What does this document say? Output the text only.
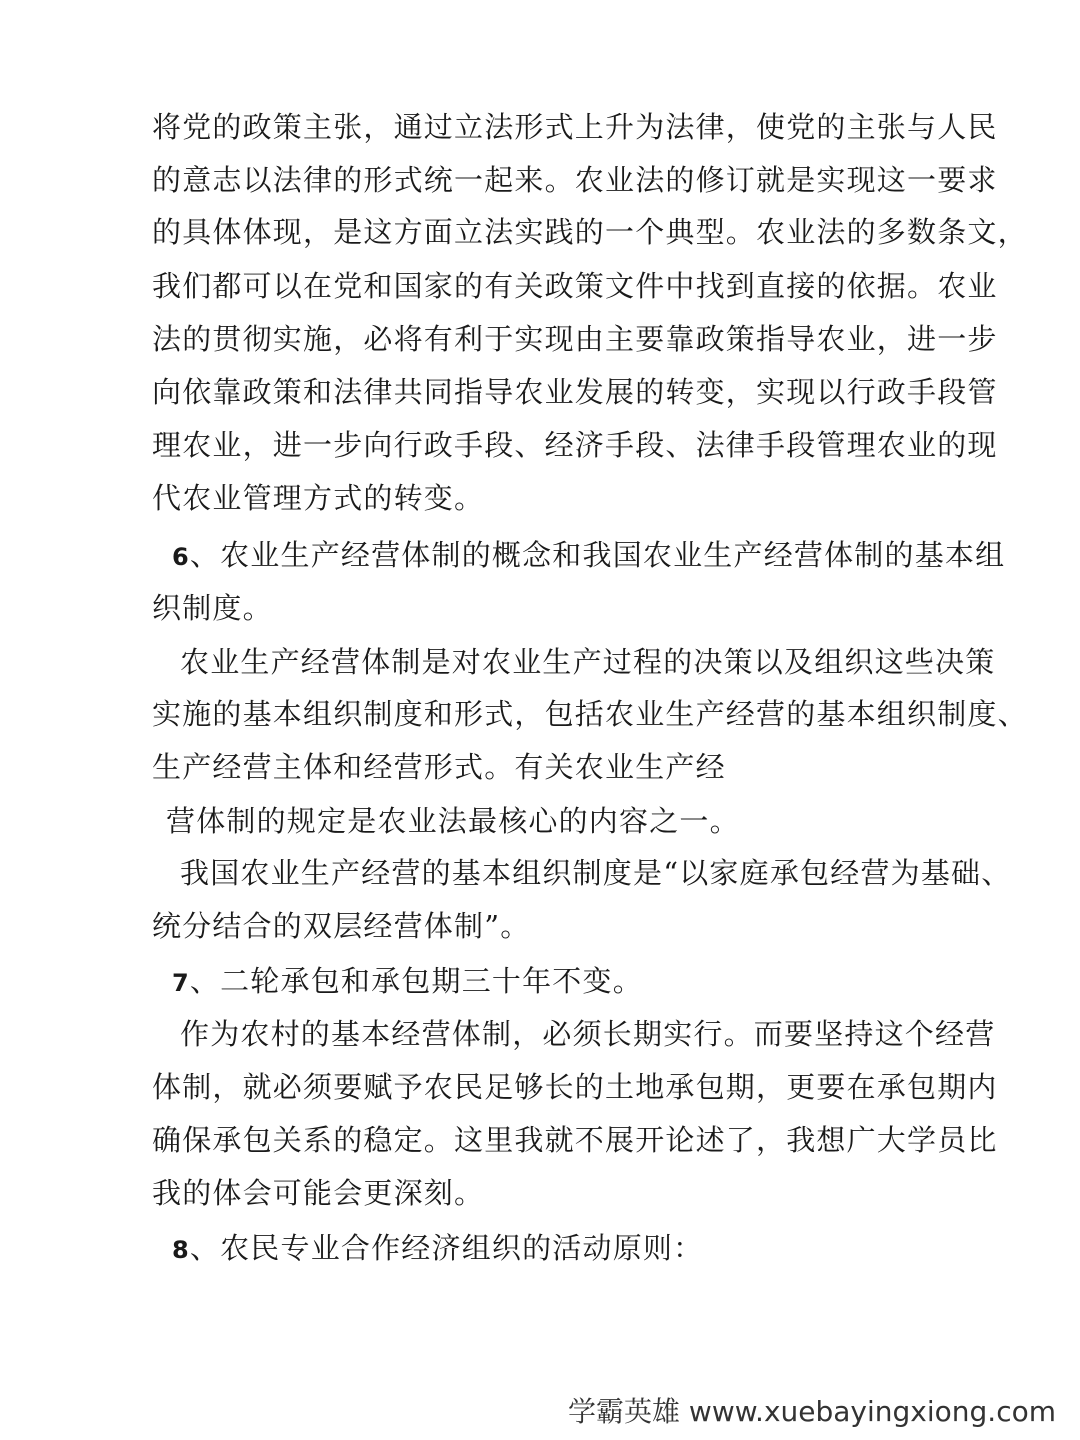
将党的政策主张，通过立法形式上升为法律，使党的主张与人民
的意志以法律的形式统一起来。农业法的修订就是实现这一要求
的具体体现，是这方面立法实践的一个典型。农业法的多数条文，
我们都可以在党和国家的有关政策文件中找到直接的依据。农业
法的贯彻实施，必将有利于实现由主要靠政策指导农业，进一步
向依靠政策和法律共同指导农业发展的转变，实现以行政手段管
理农业，进一步向行政手段、经济手段、法律手段管理农业的现
代农业管理方式的转变。
6、农业生产经营体制的概念和我国农业生产经营体制的基本组
织制度。
农业生产经营体制是对农业生产过程的决策以及组织这些决策
实施的基本组织制度和形式，包括农业生产经营的基本组织制度、
生产经营主体和经营形式。有关农业生产经
营体制的规定是农业法最核心的内容之一。
我国农业生产经营的基本组织制度是“以家庭承包经营为基础、
统分结合的双层经营体制”。
7、二轮承包和承包期三十年不变。
作为农村的基本经营体制，必须长期实行。而要坚持这个经营
体制，就必须要赋予农民足够长的土地承包期，更要在承包期内
确保承包关系的稳定。这里我就不展开论述了，我想广大学员比
我的体会可能会更深刻。
8、农民专业合作经济组织的活动原则：
学霸英雄 www.xuebayingxiong.com
